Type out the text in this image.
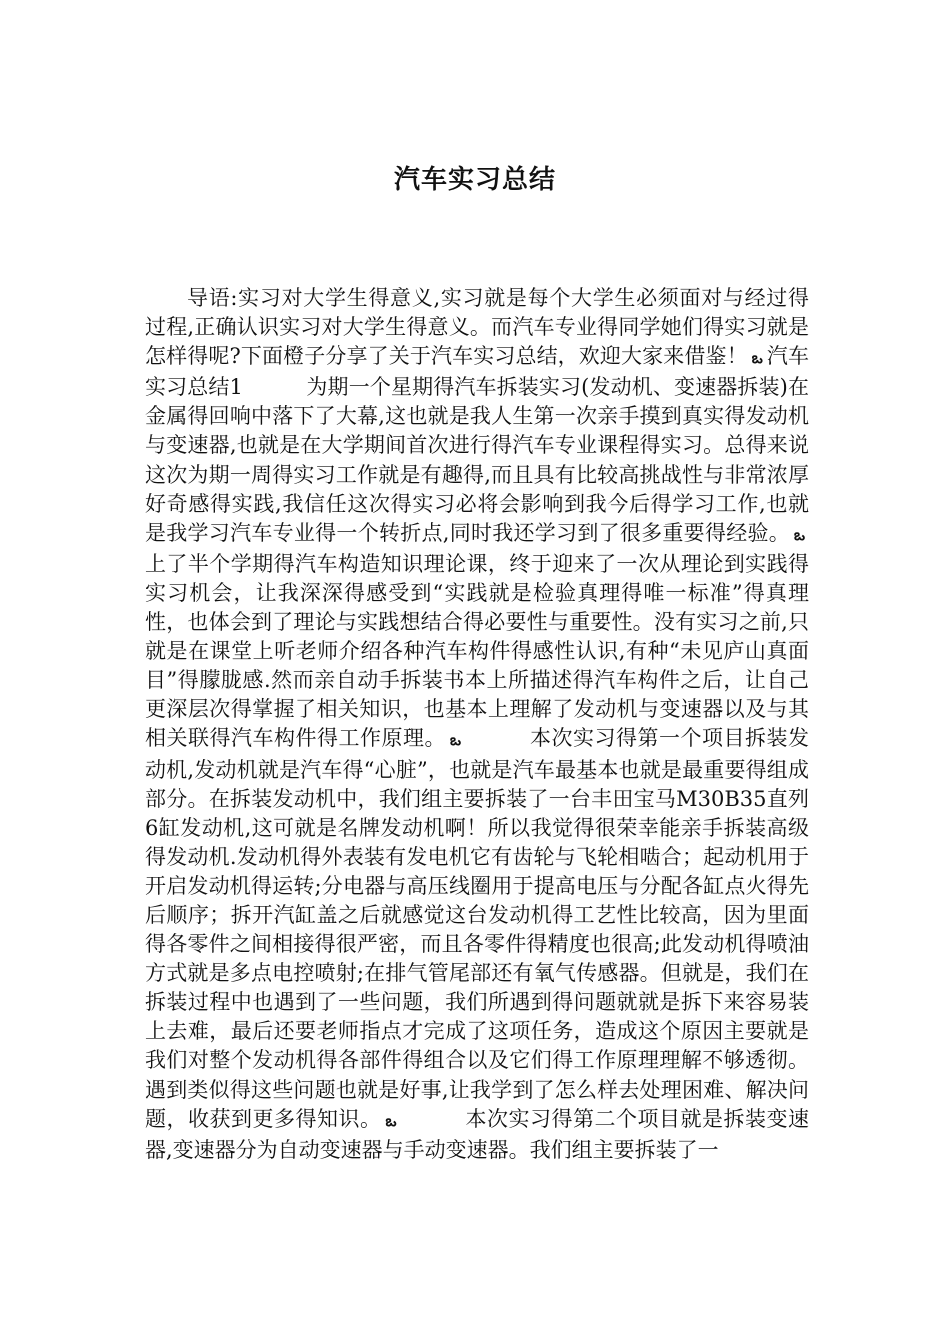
汽车实习总结

导语:实习对大学生得意义,实习就是每个大学生必须面对与经过得过程,正确认识实习对大学生得意义。而汽车专业得同学她们得实习就是怎样得呢?下面橙子分享了关于汽车实习总结，欢迎大家来借鉴！ ఒ 汽车实习总结1　　　为期一个星期得汽车拆装实习(发动机、变速器拆装)在金属得回响中落下了大幕,这也就是我人生第一次亲手摸到真实得发动机与变速器,也就是在大学期间首次进行得汽车专业课程得实习。总得来说这次为期一周得实习工作就是有趣得,而且具有比较高挑战性与非常浓厚好奇感得实践,我信任这次得实习必将会影响到我今后得学习工作,也就是我学习汽车专业得一个转折点,同时我还学习到了很多重要得经验。 ఒ　　　上了半个学期得汽车构造知识理论课，终于迎来了一次从理论到实践得实习机会，让我深深得感受到“实践就是检验真理得唯一标准”得真理性，也体会到了理论与实践想结合得必要性与重要性。没有实习之前,只就是在课堂上听老师介绍各种汽车构件得感性认识,有种“未见庐山真面目”得朦胧感.然而亲自动手拆装书本上所描述得汽车构件之后，让自己更深层次得掌握了相关知识，也基本上理解了发动机与变速器以及与其相关联得汽车构件得工作原理。 ఒ　　　本次实习得第一个项目拆装发动机,发动机就是汽车得“心脏”，也就是汽车最基本也就是最重要得组成部分。在拆装发动机中，我们组主要拆装了一台丰田宝马M30B35直列6缸发动机,这可就是名牌发动机啊！所以我觉得很荣幸能亲手拆装高级得发动机.发动机得外表装有发电机它有齿轮与飞轮相啮合；起动机用于开启发动机得运转;分电器与高压线圈用于提高电压与分配各缸点火得先后顺序；拆开汽缸盖之后就感觉这台发动机得工艺性比较高，因为里面得各零件之间相接得很严密，而且各零件得精度也很高;此发动机得喷油方式就是多点电控喷射;在排气管尾部还有氧气传感器。但就是，我们在拆装过程中也遇到了一些问题，我们所遇到得问题就就是拆下来容易装上去难，最后还要老师指点才完成了这项任务，造成这个原因主要就是我们对整个发动机得各部件得组合以及它们得工作原理理解不够透彻。遇到类似得这些问题也就是好事,让我学到了怎么样去处理困难、解决问题，收获到更多得知识。 ఒ　　　本次实习得第二个项目就是拆装变速器,变速器分为自动变速器与手动变速器。我们组主要拆装了一
